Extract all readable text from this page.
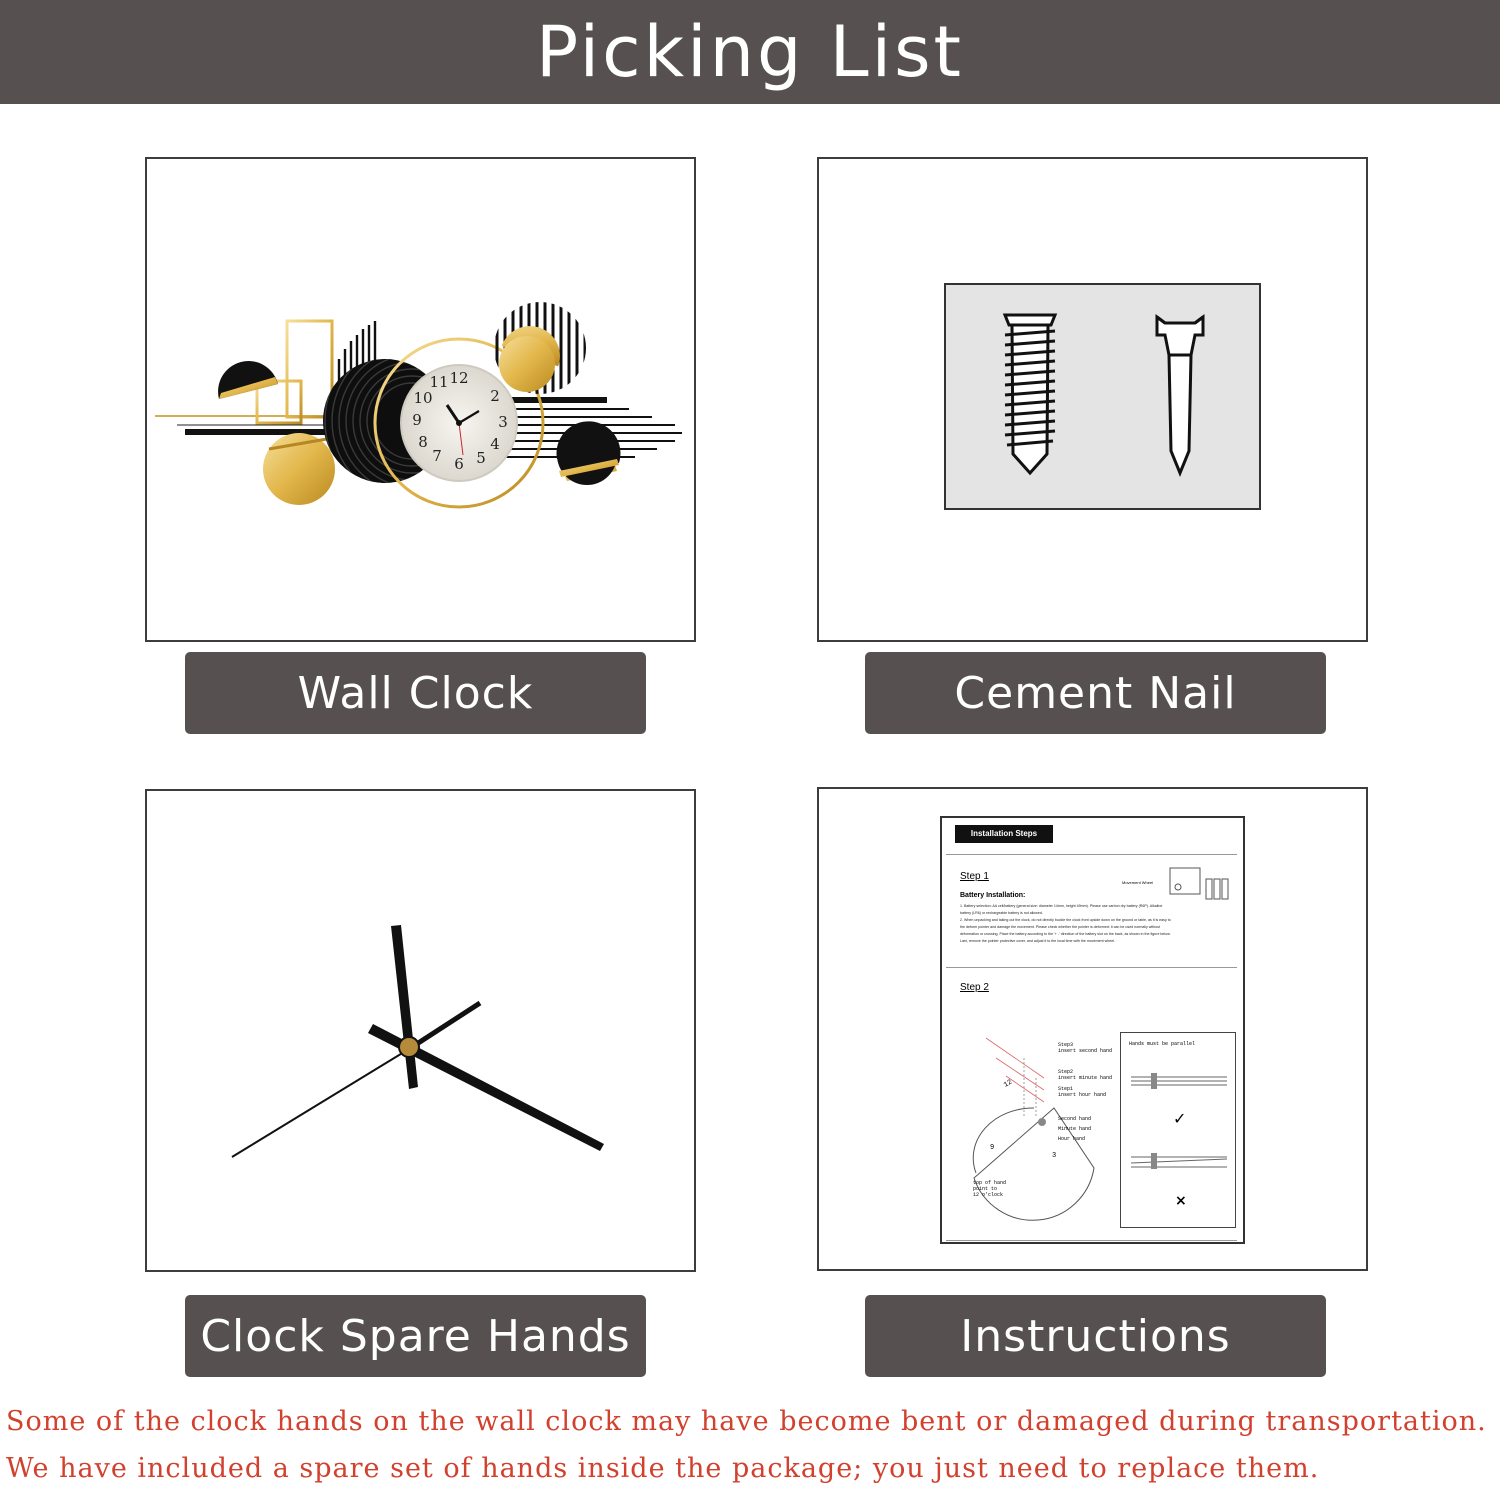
Picking List
12
2
3
4
5
6
7
8
9
10
11
Wall Clock	Cement Nail
Clock Spare Hands
Installation Steps
Step 1
Movement Wheel
Battery Installation:
1. Battery selection: AA cell/battery (general size: diameter 14mm, height 49mm). Please use carbon dry battery (R6P). Alkaline
battery (LR6) or rechargeable battery is not allowed.
2. When unpacking and taking out the clock, do not directly buckle the clock front upside down on the ground or table, as it is easy to
the deform pointer and damage the movement. Please check whether the pointer is deformed: it can be used normally without
deformation or crossing. Place the battery according to the '+ -' direction of the battery slot on the back, as shown in the figure below.
Last, remove the pointer protective cover, and adjust it to the local time with the movement wheel.
Step 2
12
9
3
Step3
insert second hand
Step2
insert minute hand
Step1
insert hour hand
Second hand
Minute hand
Hour hand
top of hand
point to
12 o'clock
Hands must be parallel
✓
×
Instructions
Some of the clock hands on the wall clock may have become bent or damaged during transportation.
We have included a spare set of hands inside the package; you just need to replace them.
